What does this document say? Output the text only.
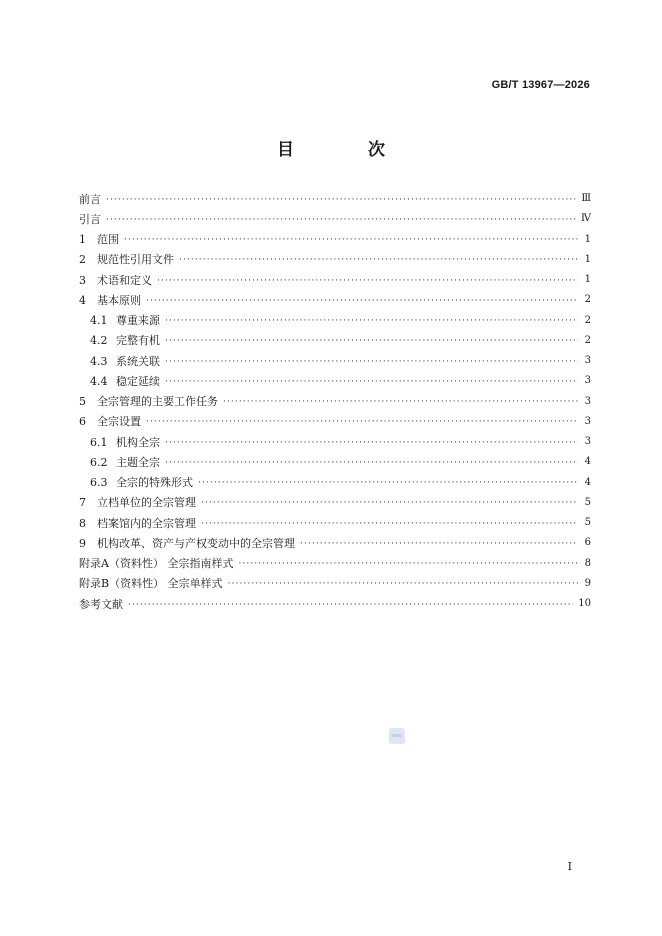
GB/T 13967—2026
目 次
前言 ·····	Ⅲ
引言 ·····	Ⅳ
1	范围 ·····	1
2	规范性引用文件 ·····	1
3	术语和定义 ·····	1
4	基本原则 ·····	2
4.1 尊重来源 ·····	2
4.2 完整有机 ·····	2
4.3 系统关联 ·····	3
4.4 稳定延续 ·····	3
5	全宗管理的主要工作任务 ·····	3
6	全宗设置 ·····	3
6.1 机构全宗 ·····	3
6.2 主题全宗 ·····	4
6.3 全宗的特殊形式 ·····	4
7	立档单位的全宗管理 ·····	5
8	档案馆内的全宗管理 ·····	5
9	机构改革、资产与产权变动中的全宗管理 ·····	6
附录A（资料性） 全宗指南样式 ·····	8
附录B（资料性） 全宗单样式 ·····	9
参考文献 ·····	10
Ⅰ
